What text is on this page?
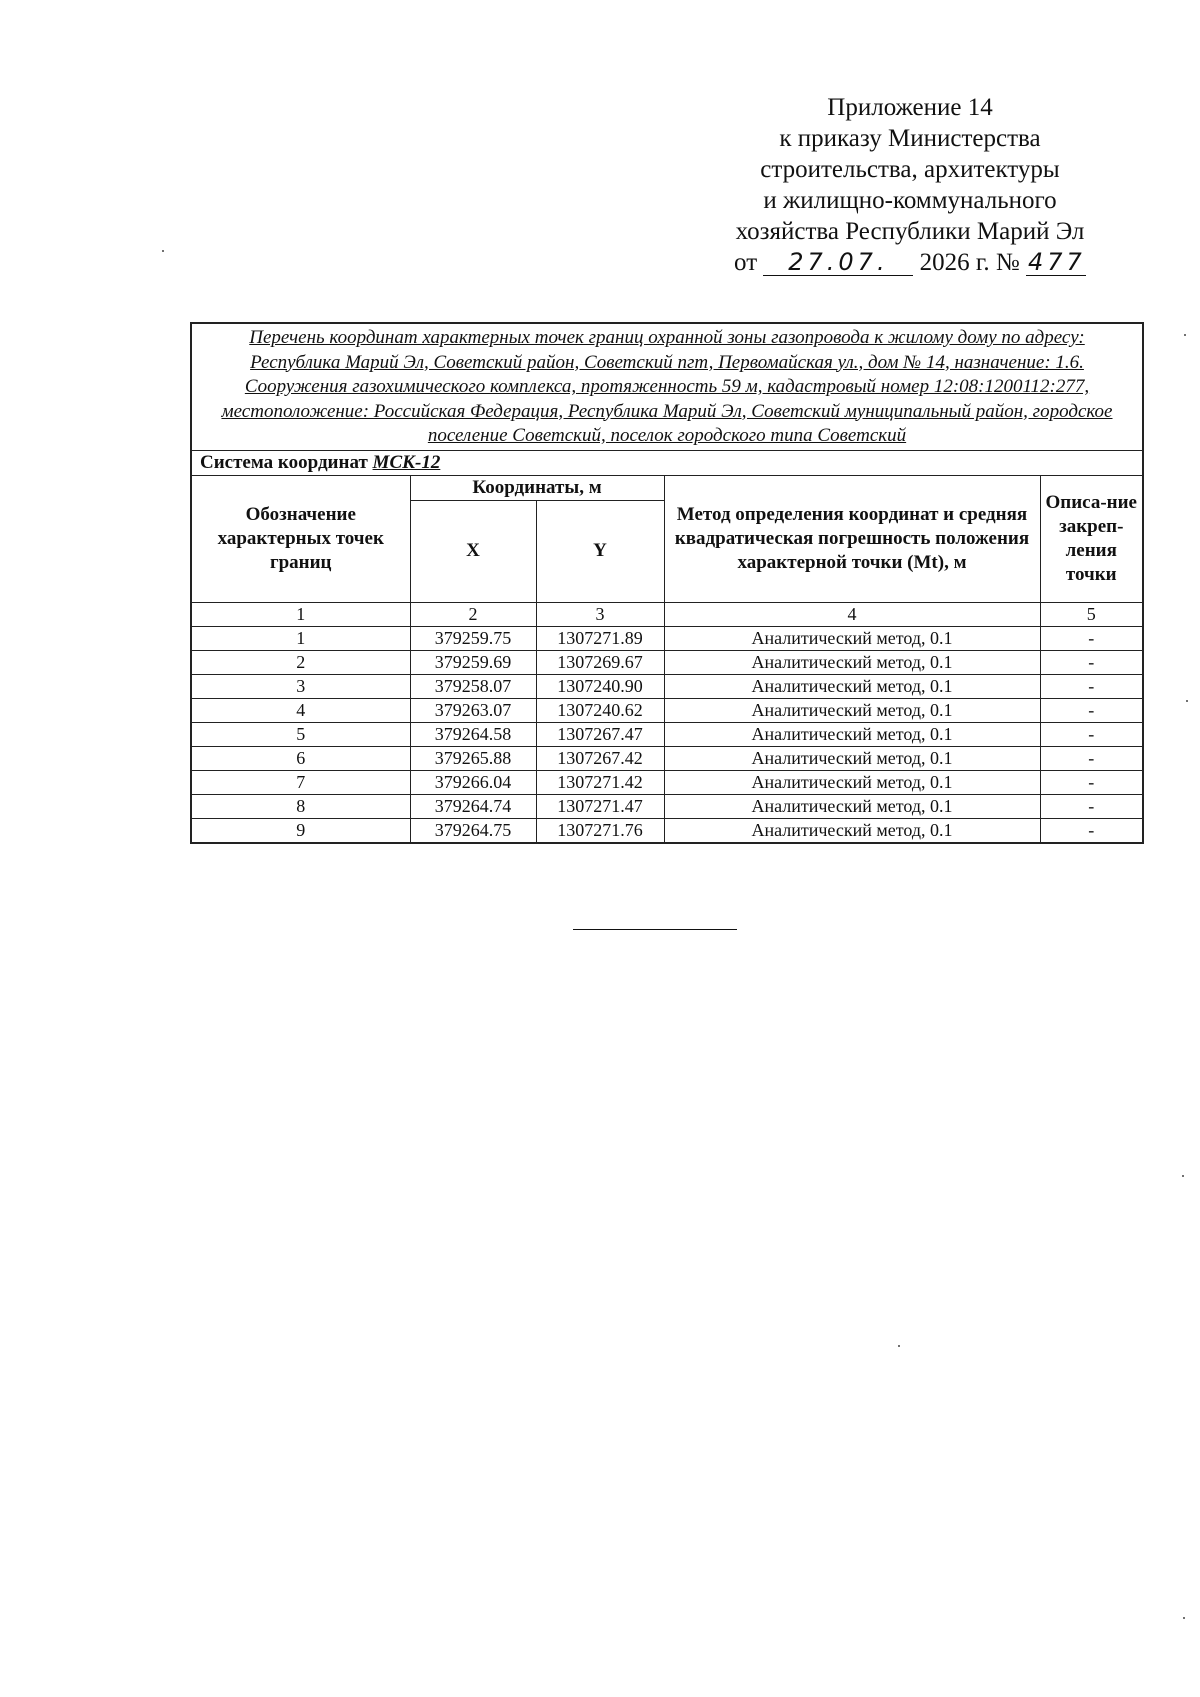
Приложение 14
к приказу Министерства
строительства, архитектуры
и жилищно-коммунального
хозяйства Республики Марий Эл
от 27.07. 2026 г. № 477
Перечень координат характерных точек границ охранной зоны газопровода к жилому дому по адресу: Республика Марий Эл, Советский район, Советский пгт, Первомайская ул., дом № 14, назначение: 1.6. Сооружения газохимического комплекса, протяженность 59 м, кадастровый номер 12:08:1200112:277, местоположение: Российская Федерация, Республика Марий Эл, Советский муниципальный район, городское поселение Советский, поселок городского типа Советский
Система координат МСК-12
Обозначение характерных точек границ	Координаты, м		Метод определения координат и средняя квадратическая погрешность положения характерной точки (Mt), м	Описа-ние закреп-ления точки
	X	Y		
1	2	3	4	5
1	379259.75	1307271.89	Аналитический метод, 0.1	-
2	379259.69	1307269.67	Аналитический метод, 0.1	-
3	379258.07	1307240.90	Аналитический метод, 0.1	-
4	379263.07	1307240.62	Аналитический метод, 0.1	-
5	379264.58	1307267.47	Аналитический метод, 0.1	-
6	379265.88	1307267.42	Аналитический метод, 0.1	-
7	379266.04	1307271.42	Аналитический метод, 0.1	-
8	379264.74	1307271.47	Аналитический метод, 0.1	-
9	379264.75	1307271.76	Аналитический метод, 0.1	-
